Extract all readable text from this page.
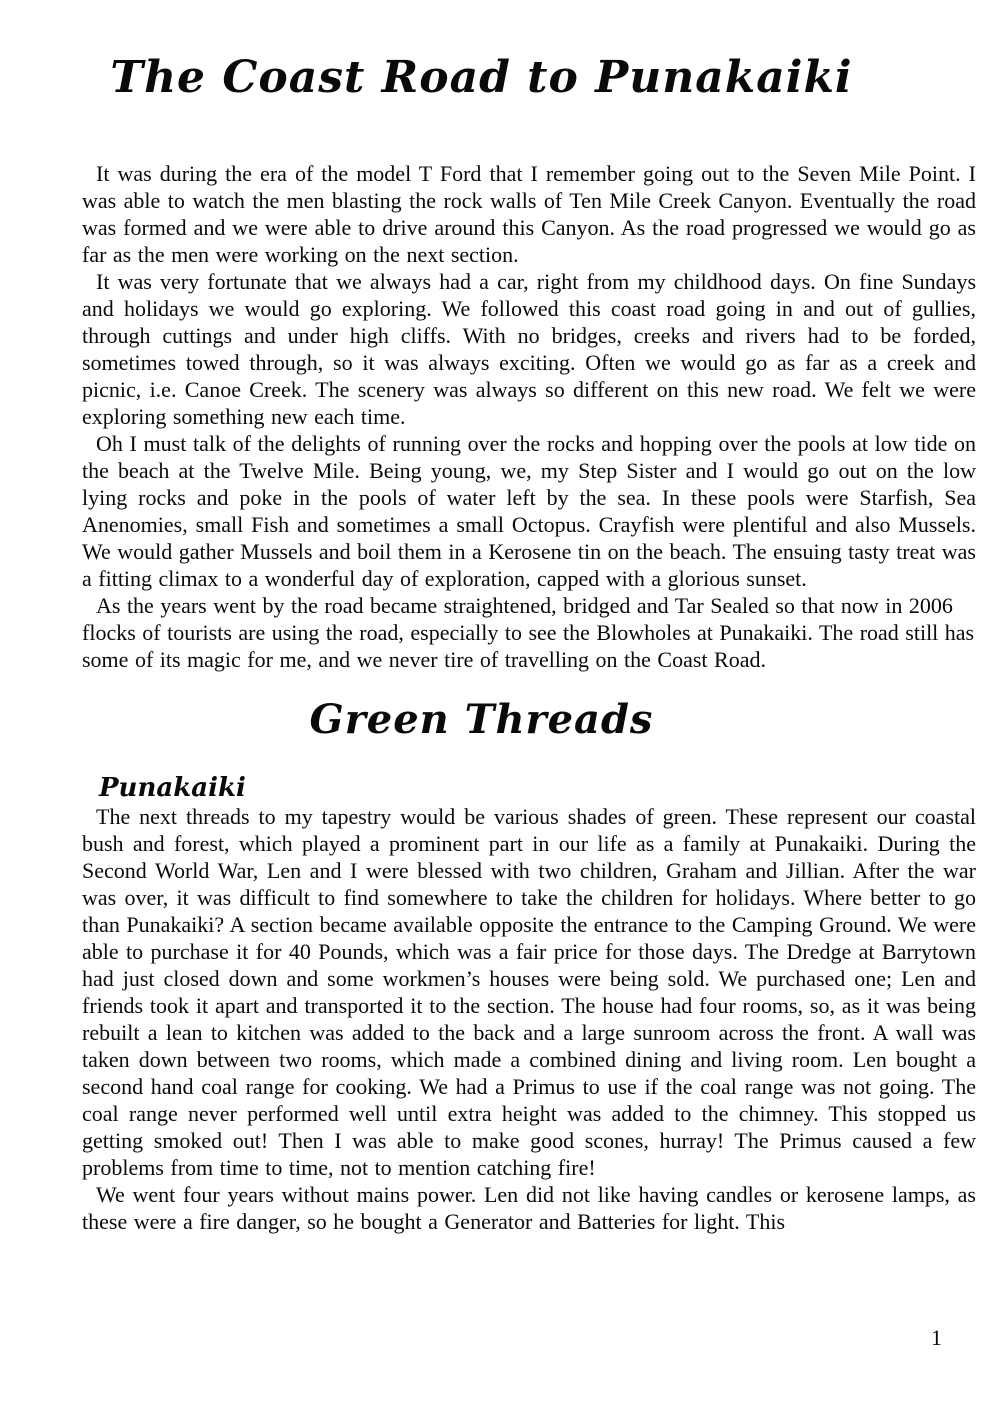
The Coast Road to Punakaiki

It was during the era of the model T Ford that I remember going out to the Seven Mile Point. I was able to watch the men blasting the rock walls of Ten Mile Creek Canyon. Eventually the road was formed and we were able to drive around this Canyon. As the road progressed we would go as far as the men were working on the next section.

It was very fortunate that we always had a car, right from my childhood days. On fine Sundays and holidays we would go exploring. We followed this coast road going in and out of gullies, through cuttings and under high cliffs. With no bridges, creeks and rivers had to be forded, sometimes towed through, so it was always exciting. Often we would go as far as a creek and picnic, i.e. Canoe Creek. The scenery was always so different on this new road. We felt we were exploring something new each time.

Oh I must talk of the delights of running over the rocks and hopping over the pools at low tide on the beach at the Twelve Mile. Being young, we, my Step Sister and I would go out on the low lying rocks and poke in the pools of water left by the sea. In these pools were Starfish, Sea Anenomies, small Fish and sometimes a small Octopus. Crayfish were plentiful and also Mussels. We would gather Mussels and boil them in a Kerosene tin on the beach. The ensuing tasty treat was a fitting climax to a wonderful day of exploration, capped with a glorious sunset.

As the years went by the road became straightened, bridged and Tar Sealed so that now in 2006 flocks of tourists are using the road, especially to see the Blowholes at Punakaiki. The road still has some of its magic for me, and we never tire of travelling on the Coast Road.

Green Threads
Punakaiki

The next threads to my tapestry would be various shades of green. These represent our coastal bush and forest, which played a prominent part in our life as a family at Punakaiki. During the Second World War, Len and I were blessed with two children, Graham and Jillian. After the war was over, it was difficult to find somewhere to take the children for holidays. Where better to go than Punakaiki? A section became available opposite the entrance to the Camping Ground. We were able to purchase it for 40 Pounds, which was a fair price for those days. The Dredge at Barrytown had just closed down and some workmen’s houses were being sold. We purchased one; Len and friends took it apart and transported it to the section. The house had four rooms, so, as it was being rebuilt a lean to kitchen was added to the back and a large sunroom across the front. A wall was taken down between two rooms, which made a combined dining and living room. Len bought a second hand coal range for cooking. We had a Primus to use if the coal range was not going. The coal range never performed well until extra height was added to the chimney. This stopped us getting smoked out! Then I was able to make good scones, hurray! The Primus caused a few problems from time to time, not to mention catching fire!

We went four years without mains power. Len did not like having candles or kerosene lamps, as these were a fire danger, so he bought a Generator and Batteries for light. This

1
